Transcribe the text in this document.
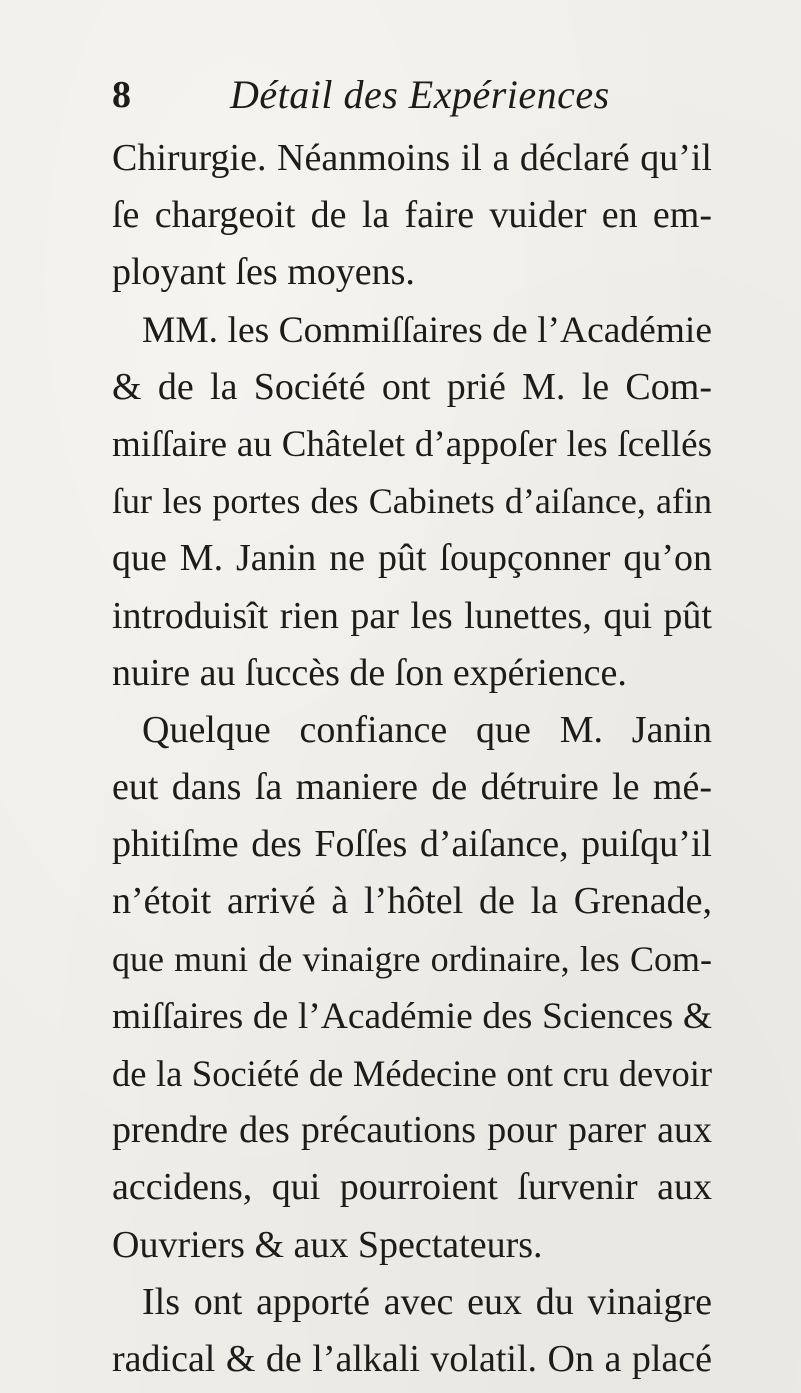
8 Détail des Expériences
Chirurgie. Néanmoins il a déclaré qu’il
ſe chargeoit de la faire vuider en em-
ployant ſes moyens.
MM. les Commiſſaires de l’Académie
& de la Société ont prié M. le Com-
miſſaire au Châtelet d’appoſer les ſcellés
ſur les portes des Cabinets d’aiſance, afin
que M. Janin ne pût ſoupçonner qu’on
introduisît rien par les lunettes, qui pût
nuire au ſuccès de ſon expérience.
Quelque confiance que M. Janin
eut dans ſa maniere de détruire le mé-
phitiſme des Foſſes d’aiſance, puiſqu’il
n’étoit arrivé à l’hôtel de la Grenade,
que muni de vinaigre ordinaire, les Com-
miſſaires de l’Académie des Sciences &
de la Société de Médecine ont cru devoir
prendre des précautions pour parer aux
accidens, qui pourroient ſurvenir aux
Ouvriers & aux Spectateurs.
Ils ont apporté avec eux du vinaigre
radical & de l’alkali volatil. On a placé
